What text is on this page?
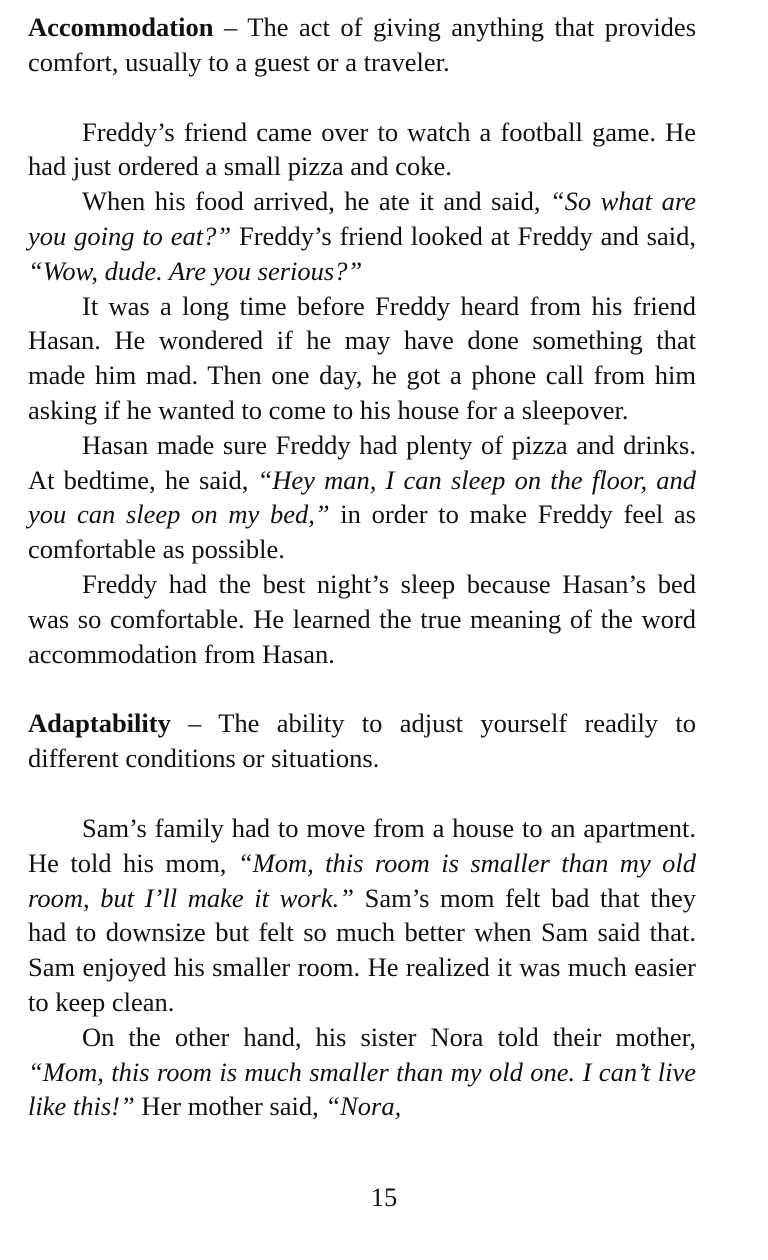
Accommodation – The act of giving anything that provides comfort, usually to a guest or a traveler.

Freddy’s friend came over to watch a football game. He had just ordered a small pizza and coke.

When his food arrived, he ate it and said, “So what are you going to eat?” Freddy’s friend looked at Freddy and said, “Wow, dude. Are you serious?”

It was a long time before Freddy heard from his friend Hasan. He wondered if he may have done something that made him mad. Then one day, he got a phone call from him asking if he wanted to come to his house for a sleepover.

Hasan made sure Freddy had plenty of pizza and drinks. At bedtime, he said, “Hey man, I can sleep on the floor, and you can sleep on my bed,” in order to make Freddy feel as comfortable as possible.

Freddy had the best night’s sleep because Hasan’s bed was so comfortable. He learned the true meaning of the word accommodation from Hasan.

Adaptability – The ability to adjust yourself readily to different conditions or situations.

Sam’s family had to move from a house to an apartment. He told his mom, “Mom, this room is smaller than my old room, but I’ll make it work.” Sam’s mom felt bad that they had to downsize but felt so much better when Sam said that. Sam enjoyed his smaller room. He realized it was much easier to keep clean.

On the other hand, his sister Nora told their mother, “Mom, this room is much smaller than my old one. I can’t live like this!” Her mother said, “Nora,

15
